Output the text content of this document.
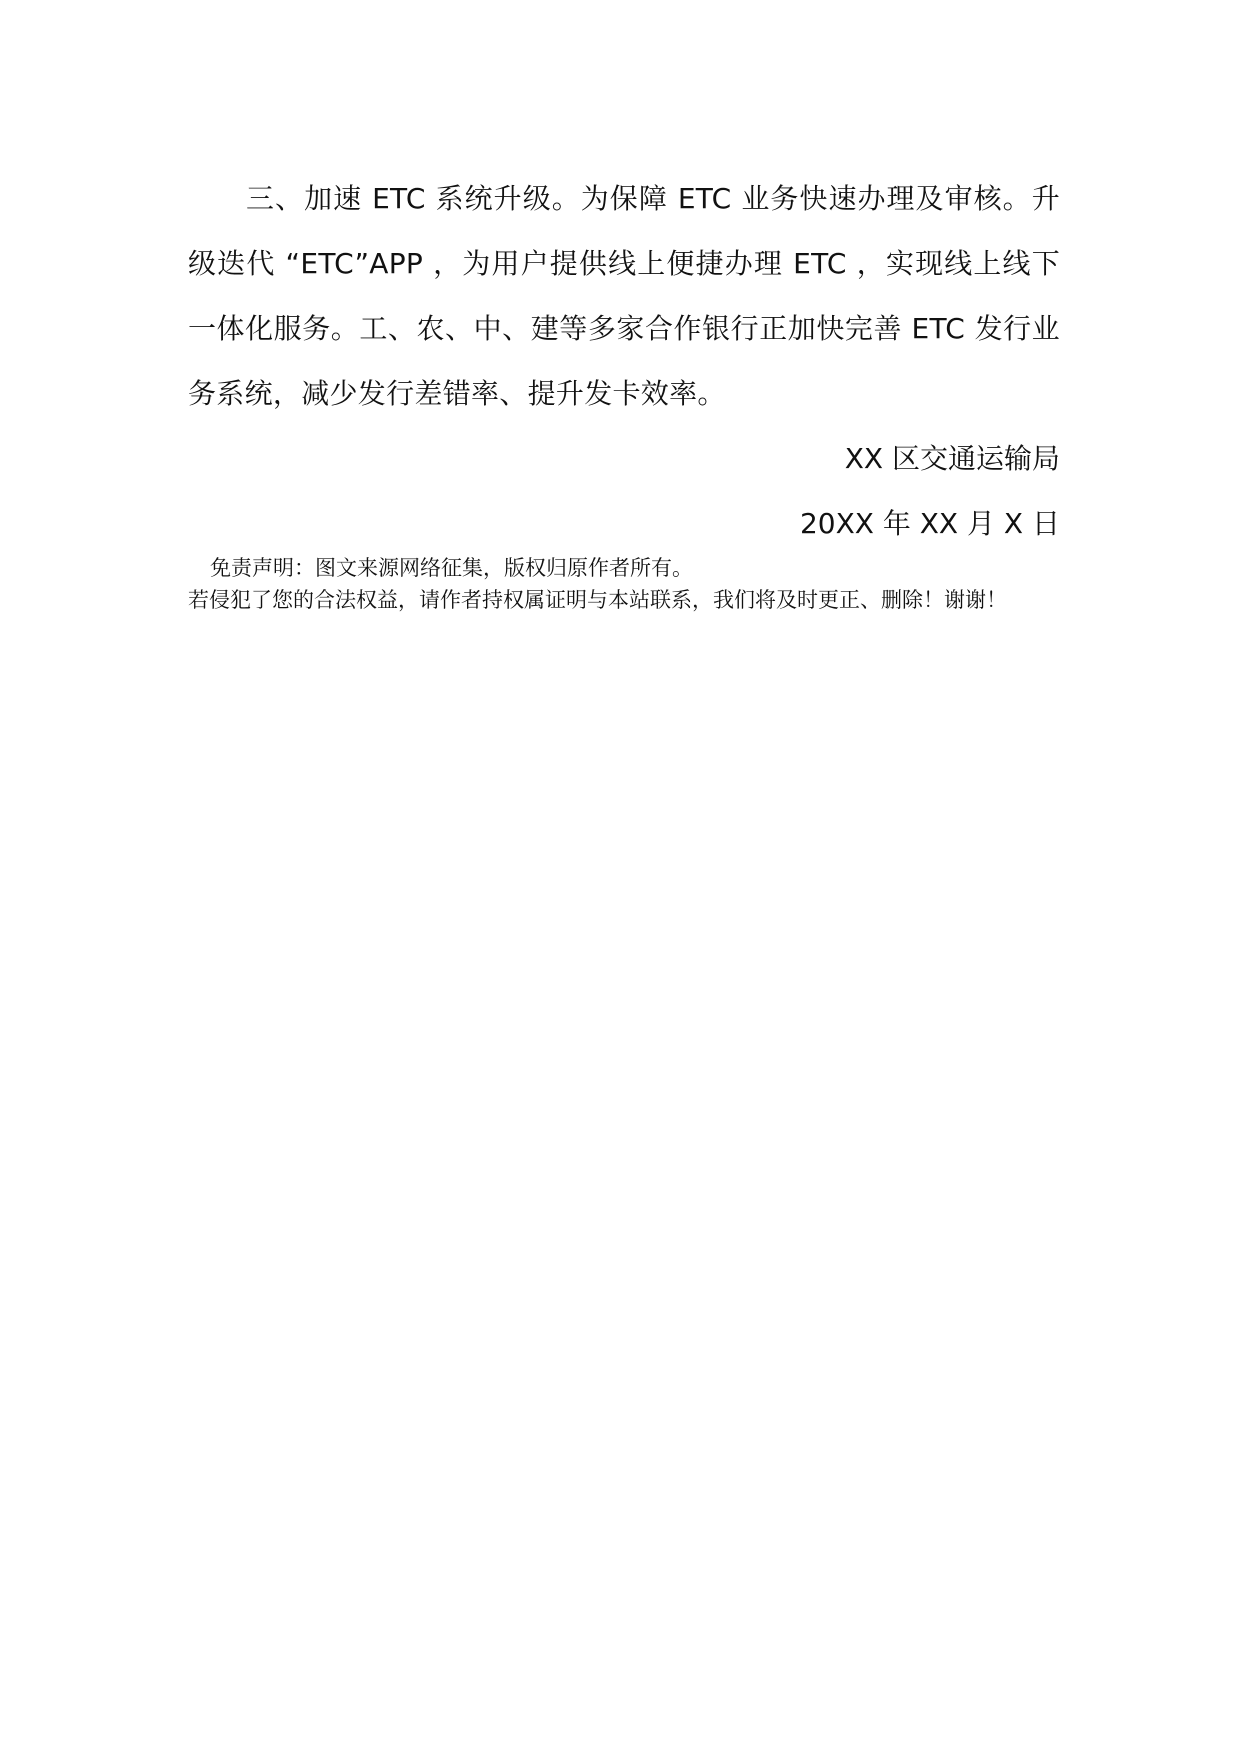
三、加速 ETC 系统升级。为保障 ETC 业务快速办理及审核。升级迭代 “ETC”APP ，为用户提供线上便捷办理 ETC ，实现线上线下一体化服务。工、农、中、建等多家合作银行正加快完善 ETC 发行业务系统，减少发行差错率、提升发卡效率。

XX 区交通运输局

20XX 年 XX 月 X 日

免责声明：图文来源网络征集，版权归原作者所有。
若侵犯了您的合法权益，请作者持权属证明与本站联系，我们将及时更正、删除！谢谢！
